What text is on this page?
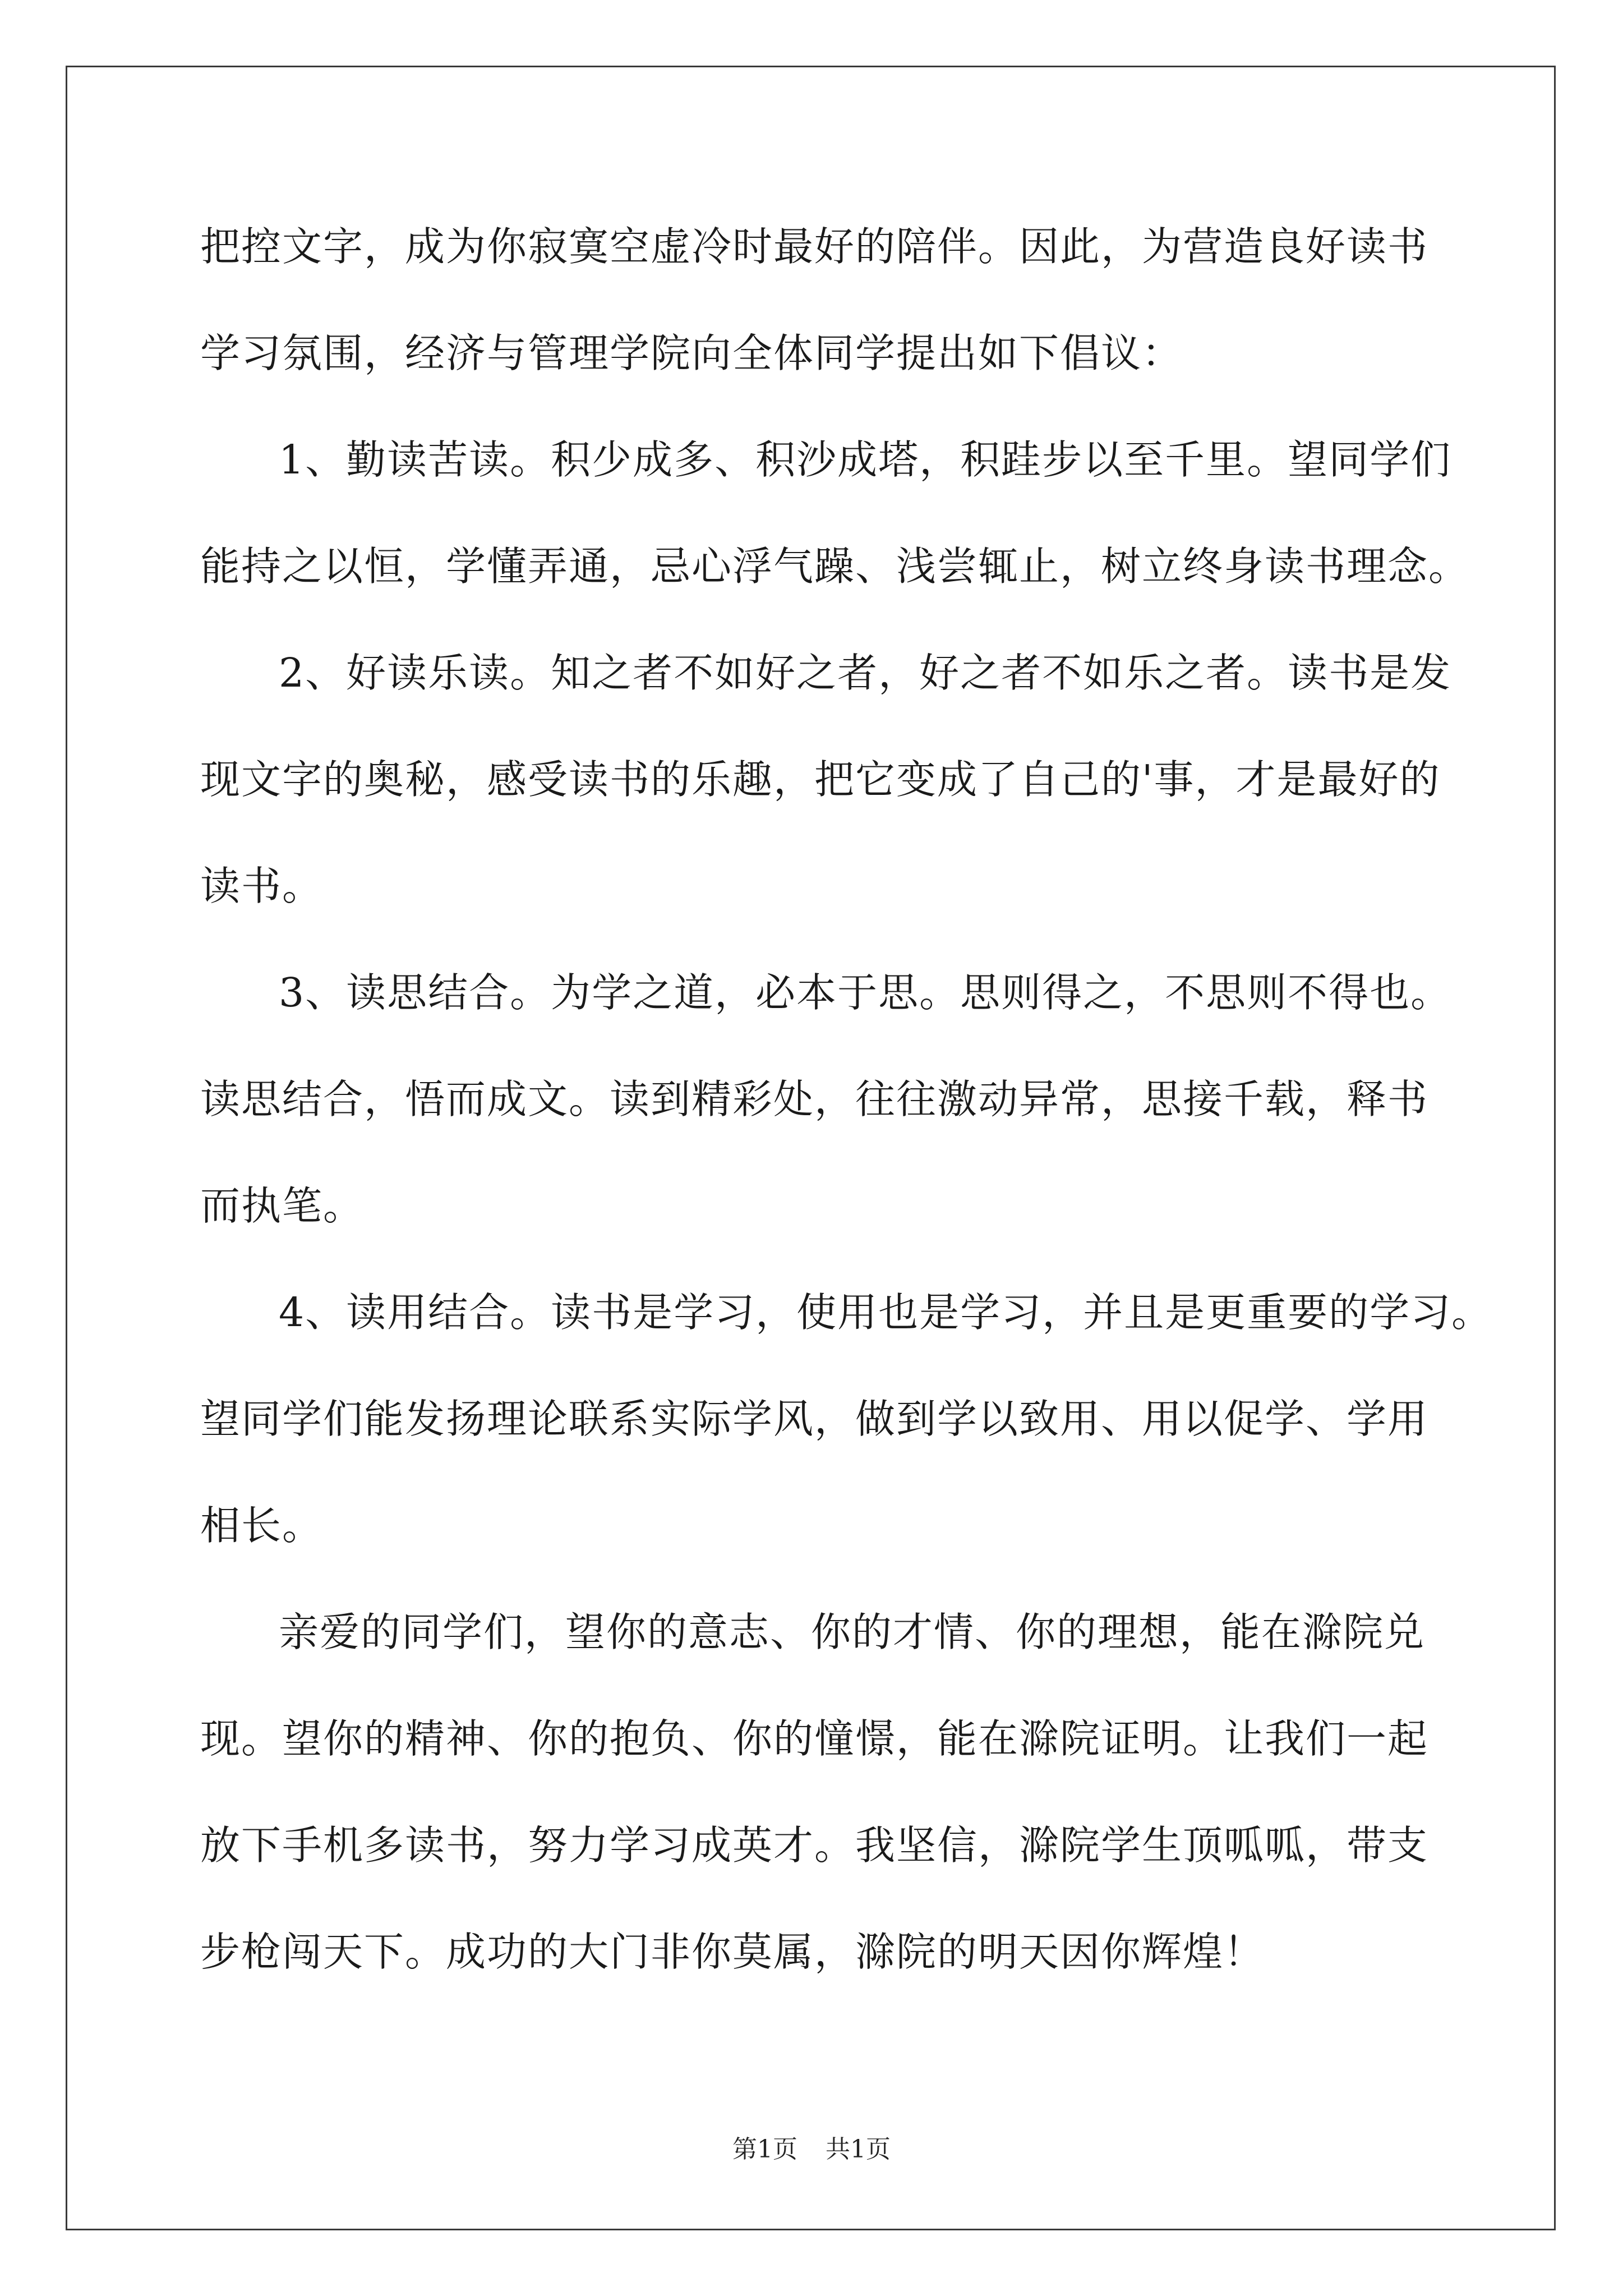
把控文字，成为你寂寞空虚冷时最好的陪伴。因此，为营造良好读书
学习氛围，经济与管理学院向全体同学提出如下倡议：
1、勤读苦读。积少成多、积沙成塔，积跬步以至千里。望同学们
能持之以恒，学懂弄通，忌心浮气躁、浅尝辄止，树立终身读书理念。
2、好读乐读。知之者不如好之者，好之者不如乐之者。读书是发
现文字的奥秘，感受读书的乐趣，把它变成了自己的'事，才是最好的
读书。
3、读思结合。为学之道，必本于思。思则得之，不思则不得也。
读思结合，悟而成文。读到精彩处，往往激动异常，思接千载，释书
而执笔。
4、读用结合。读书是学习，使用也是学习，并且是更重要的学习。
望同学们能发扬理论联系实际学风，做到学以致用、用以促学、学用
相长。
亲爱的同学们，望你的意志、你的才情、你的理想，能在滁院兑
现。望你的精神、你的抱负、你的憧憬，能在滁院证明。让我们一起
放下手机多读书，努力学习成英才。我坚信，滁院学生顶呱呱，带支
步枪闯天下。成功的大门非你莫属，滁院的明天因你辉煌！
第1页 共1页
